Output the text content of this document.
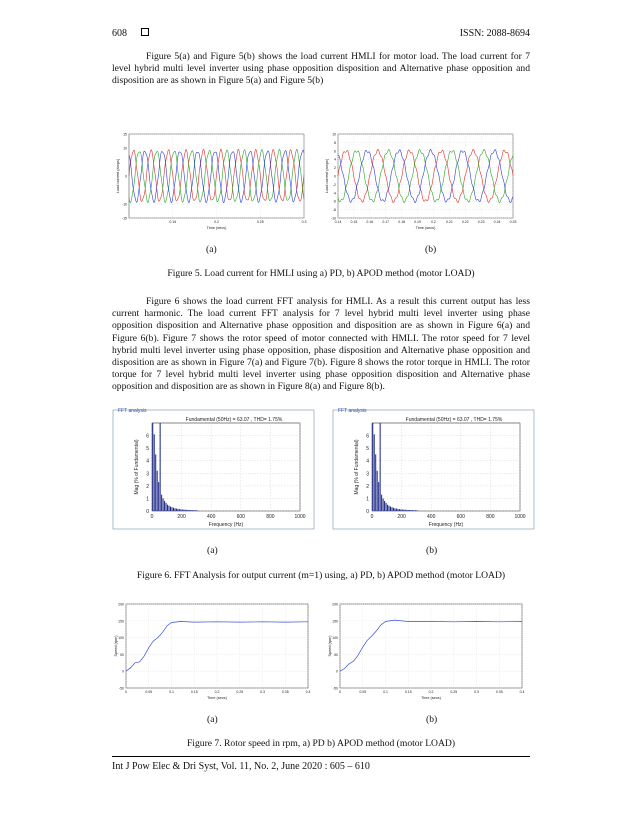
608	ISSN: 2088-8694
Figure 5(a) and Figure 5(b) shows the load current HMLI for motor load. The load current for 7 level hybrid multi level inverter using phase opposition disposition and Alternative phase opposition and disposition are as shown in Figure 5(a) and Figure 5(b)
15
10
0
-10
-15
0.15	0.2	0.25	0.3
Load current (amps)
Time (secs)
10
8
6
4
2
0
-2
-4
-6
-8
-10
0.14	0.15	0.16	0.17	0.18	0.19	0.2	0.21	0.22	0.23	0.24	0.25
Load current (amps)
Time (secs)
(a)	(b)
Figure 5. Load current for HMLI using a) PD, b) APOD method (motor LOAD)
Figure 6 shows the load current FFT analysis for HMLI. As a result this current output has less current harmonic. The load current FFT analysis for 7 level hybrid multi level inverter using phase opposition disposition and Alternative phase opposition and disposition are as shown in Figure 6(a) and Figure 6(b). Figure 7 shows the rotor speed of motor connected with HMLI. The rotor speed for 7 level hybrid multi level inverter using phase opposition, phase disposition and Alternative phase opposition and disposition are as shown in Figure 7(a) and Figure 7(b). Figure 8 shows the rotor torque in HMLI. The rotor torque for 7 level hybrid multi level inverter using phase opposition disposition and Alternative phase opposition and disposition are as shown in Figure 8(a) and Figure 8(b).
FFT analysis
0
1
2
3
4
5
6
0	200	400	600	800	1000
Fundamental (50Hz) = 63.07 , THD= 1.75%
Mag (% of Fundamental)
Frequency (Hz)
FFT analysis
0
1
2
3
4
5
6
0	200	400	600	800	1000
Fundamental (50Hz) = 63.07 , THD= 1.75%
Mag (% of Fundamental)
Frequency (Hz)
(a)	(b)
Figure 6. FFT Analysis for output current (m=1) using, a) PD, b) APOD method (motor LOAD)
200
150
100
50
0
-50
0	0.05	0.1	0.15	0.2	0.25	0.3	0.35	0.4
Speed (rpm)
Time (secs)
200
150
100
50
0
-50
0	0.05	0.1	0.15	0.2	0.25	0.3	0.35	0.4
Speed (rpm)
Time (secs)
(a)	(b)
Figure 7. Rotor speed in rpm, a) PD b) APOD method (motor LOAD)
Int J Pow Elec & Dri Syst, Vol. 11, No. 2, June 2020 : 605 – 610
